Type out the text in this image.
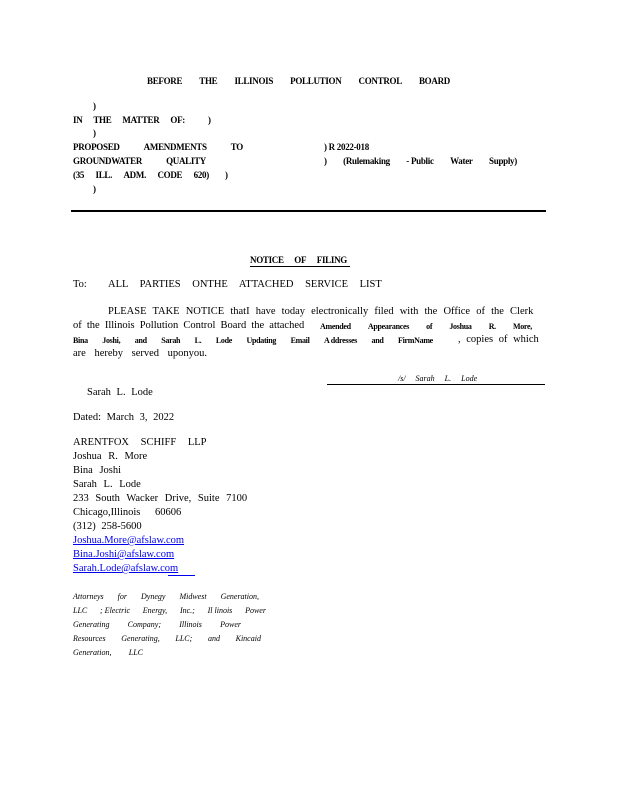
BEFORE THE ILLINOIS POLLUTION CONTROL BOARD
)
IN THE MATTER OF:	)
)
PROPOSED	AMENDMENTS	TO	) R 2022-018
GROUNDWATER	QUALITY	) (Rulemaking - Public Water Supply)
(35 ILL. ADM. CODE 620) )
)
NOTICE OF FILING
To: ALL PARTIES ONTHE ATTACHED SERVICE LIST
PLEASE TAKE NOTICE thatI have today electronically filed with the Office of the Clerk
of the Illinois Pollution Control Board the attached Amended Appearances of Joshua R. More,
Bina Joshi, and Sarah L. Lode Updating Email A ddresses and FirmName , copies of which
are hereby served uponyou.
/s/ Sarah L. Lode
Sarah L. Lode
Dated: March 3, 2022
ARENTFOX SCHIFF LLP
Joshua R. More
Bina Joshi
Sarah L. Lode
233 South Wacker Drive, Suite 7100
Chicago,Illinois 60606
(312) 258-5600
Joshua.More@afslaw.com
Bina.Joshi@afslaw.com
Sarah.Lode@afslaw.com
Attorneys for Dynegy Midwest Generation,
LLC ; Electric Energy, Inc.; Il linois Power
Generating Company; Illinois Power
Resources Generating, LLC; and Kincaid
Generation, LLC
